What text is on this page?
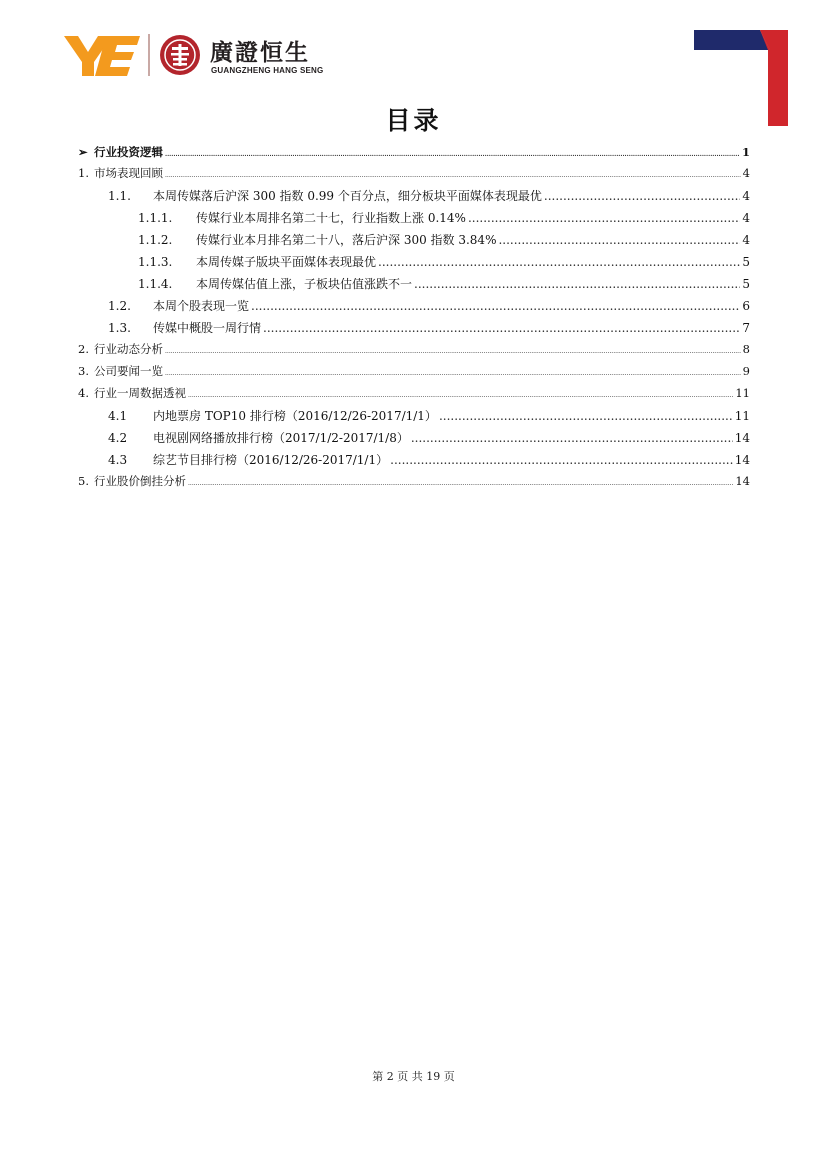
廣證恒生
GUANGZHENG HANG SENG
目录
➢ 行业投资逻辑 .....	1
1. 市场表现回顾 .....	4
1.1.	本周传媒落后沪深 300 指数 0.99 个百分点，细分板块平面媒体表现最优 .....	4
1.1.1.	传媒行业本周排名第二十七，行业指数上涨 0.14% .....	4
1.1.2.	传媒行业本月排名第二十八，落后沪深 300 指数 3.84% .....	4
1.1.3.	本周传媒子版块平面媒体表现最优 .....	5
1.1.4.	本周传媒估值上涨，子板块估值涨跌不一 .....	5
1.2.	本周个股表现一览 .....	6
1.3.	传媒中概股一周行情 .....	7
2. 行业动态分析 .....	8
3. 公司要闻一览 .....	9
4. 行业一周数据透视 .....	11
4.1	内地票房 TOP10 排行榜（2016/12/26-2017/1/1） .....	11
4.2	电视剧网络播放排行榜（2017/1/2-2017/1/8） .....	14
4.3	综艺节目排行榜（2016/12/26-2017/1/1） .....	14
5. 行业股价倒挂分析 .....	14
第 2 页 共 19 页
